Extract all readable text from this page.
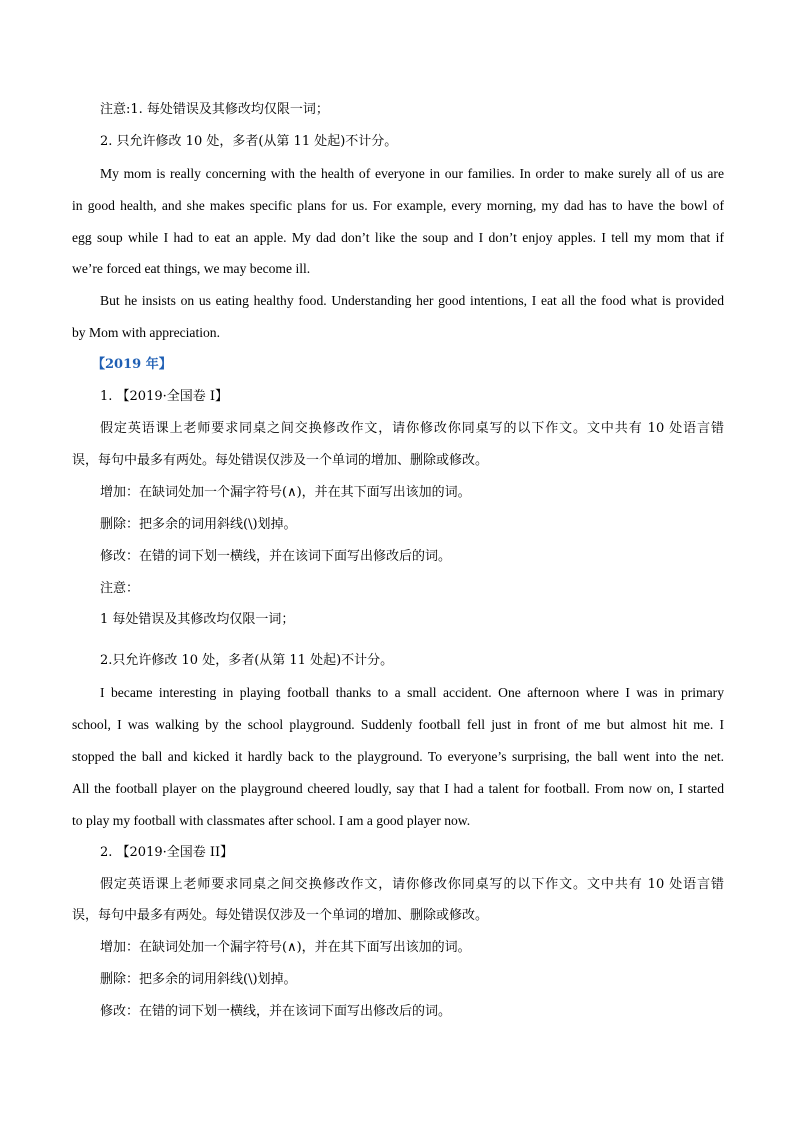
注意:1. 每处错误及其修改均仅限一词；
2. 只允许修改 10 处，多者(从第 11 处起)不计分。
My mom is really concerning with the health of everyone in our families. In order to make surely all of us are
in good health, and she makes specific plans for us. For example, every morning, my dad has to have the bowl of
egg soup while I had to eat an apple. My dad don’t like the soup and I don’t enjoy apples. I tell my mom that if
we’re forced eat things, we may become ill.
But he insists on us eating healthy food. Understanding her good intentions, I eat all the food what is provided
by Mom with appreciation.
【2019 年】
1. 【2019·全国卷 I】
假定英语课上老师要求同桌之间交换修改作文，请你修改你同桌写的以下作文。文中共有 10 处语言错
误，每句中最多有两处。每处错误仅涉及一个单词的增加、删除或修改。
增加：在缺词处加一个漏字符号(∧)，并在其下面写出该加的词。
删除：把多余的词用斜线(\)划掉。
修改：在错的词下划一横线，并在该词下面写出修改后的词。
注意：
1 每处错误及其修改均仅限一词；
2.只允许修改 10 处，多者(从第 11 处起)不计分。
I became interesting in playing football thanks to a small accident. One afternoon where I was in primary
school, I was walking by the school playground. Suddenly football fell just in front of me but almost hit me. I
stopped the ball and kicked it hardly back to the playground. To everyone’s surprising, the ball went into the net.
All the football player on the playground cheered loudly, say that I had a talent for football. From now on, I started
to play my football with classmates after school. I am a good player now.
2. 【2019·全国卷 II】
假定英语课上老师要求同桌之间交换修改作文，请你修改你同桌写的以下作文。文中共有 10 处语言错
误，每句中最多有两处。每处错误仅涉及一个单词的增加、删除或修改。
增加：在缺词处加一个漏字符号(∧)，并在其下面写出该加的词。
删除：把多余的词用斜线(\)划掉。
修改：在错的词下划一横线，并在该词下面写出修改后的词。
